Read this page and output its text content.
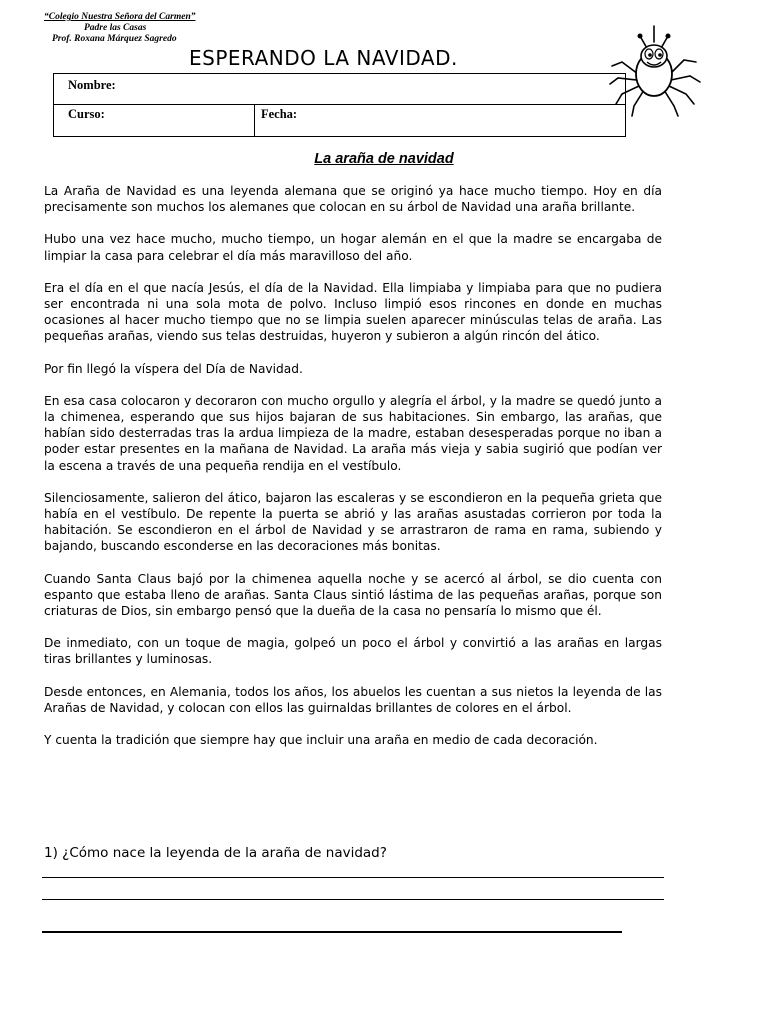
“Colegio Nuestra Señora del Carmen”
Padre las Casas
Prof. Roxana Márquez Sagredo
ESPERANDO LA NAVIDAD.
Nombre:
Curso:	Fecha:
La araña de navidad

La Araña de Navidad es una leyenda alemana que se originó ya hace mucho tiempo. Hoy en día precisamente son muchos los alemanes que colocan en su árbol de Navidad una araña brillante.

Hubo una vez hace mucho, mucho tiempo, un hogar alemán en el que la madre se encargaba de limpiar la casa para celebrar el día más maravilloso del año.

Era el día en el que nacía Jesús, el día de la Navidad. Ella limpiaba y limpiaba para que no pudiera ser encontrada ni una sola mota de polvo. Incluso limpió esos rincones en donde en muchas ocasiones al hacer mucho tiempo que no se limpia suelen aparecer minúsculas telas de araña. Las pequeñas arañas, viendo sus telas destruidas, huyeron y subieron a algún rincón del ático.

Por fin llegó la víspera del Día de Navidad.

En esa casa colocaron y decoraron con mucho orgullo y alegría el árbol, y la madre se quedó junto a la chimenea, esperando que sus hijos bajaran de sus habitaciones. Sin embargo, las arañas, que habían sido desterradas tras la ardua limpieza de la madre, estaban desesperadas porque no iban a poder estar presentes en la mañana de Navidad. La araña más vieja y sabia sugirió que podían ver la escena a través de una pequeña rendija en el vestíbulo.

Silenciosamente, salieron del ático, bajaron las escaleras y se escondieron en la pequeña grieta que había en el vestíbulo. De repente la puerta se abrió y las arañas asustadas corrieron por toda la habitación. Se escondieron en el árbol de Navidad y se arrastraron de rama en rama, subiendo y bajando, buscando esconderse en las decoraciones más bonitas.

Cuando Santa Claus bajó por la chimenea aquella noche y se acercó al árbol, se dio cuenta con espanto que estaba lleno de arañas. Santa Claus sintió lástima de las pequeñas arañas, porque son criaturas de Dios, sin embargo pensó que la dueña de la casa no pensaría lo mismo que él.

De inmediato, con un toque de magia, golpeó un poco el árbol y convirtió a las arañas en largas tiras brillantes y luminosas.

Desde entonces, en Alemania, todos los años, los abuelos les cuentan a sus nietos la leyenda de las Arañas de Navidad, y colocan con ellos las guirnaldas brillantes de colores en el árbol.

Y cuenta la tradición que siempre hay que incluir una araña en medio de cada decoración.

1) ¿Cómo nace la leyenda de la araña de navidad?
